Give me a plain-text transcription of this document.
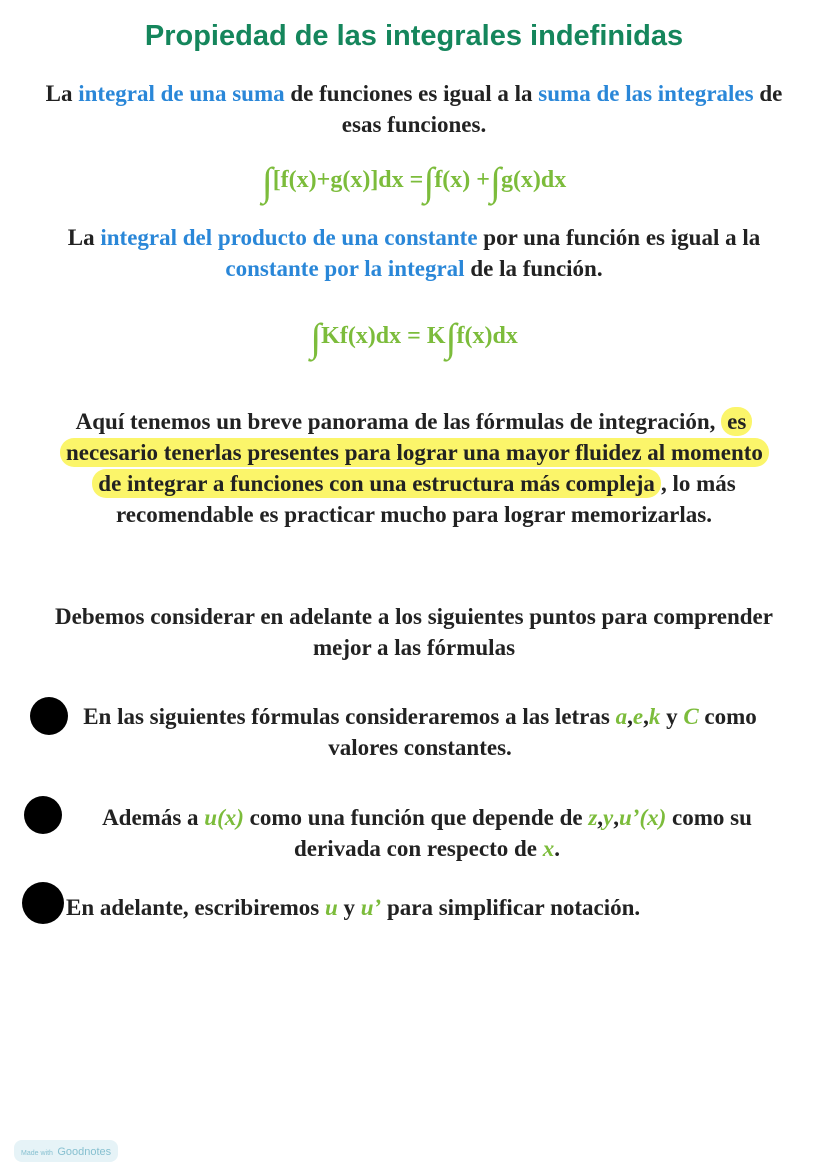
Propiedad de las integrales indefinidas
La integral de una suma de funciones es igual a la suma de las integrales de esas funciones.
∫[f(x)+g(x)]dx =∫f(x) +∫g(x)dx
La integral del producto de una constante por una función es igual a la constante por la integral de la función.
∫Kf(x)dx = K∫f(x)dx
Aquí tenemos un breve panorama de las fórmulas de integración, es necesario tenerlas presentes para lograr una mayor fluidez al momento de integrar a funciones con una estructura más compleja , lo más recomendable es practicar mucho para lograr memorizarlas.
Debemos considerar en adelante a los siguientes puntos para comprender mejor a las fórmulas
En las siguientes fórmulas consideraremos a las letras a,e,k y C como valores constantes.
Además a u(x) como una función que depende de z,y,u’(x) como su derivada con respecto de x.
En adelante, escribiremos u y u’ para simplificar notación.
Made with Goodnotes
